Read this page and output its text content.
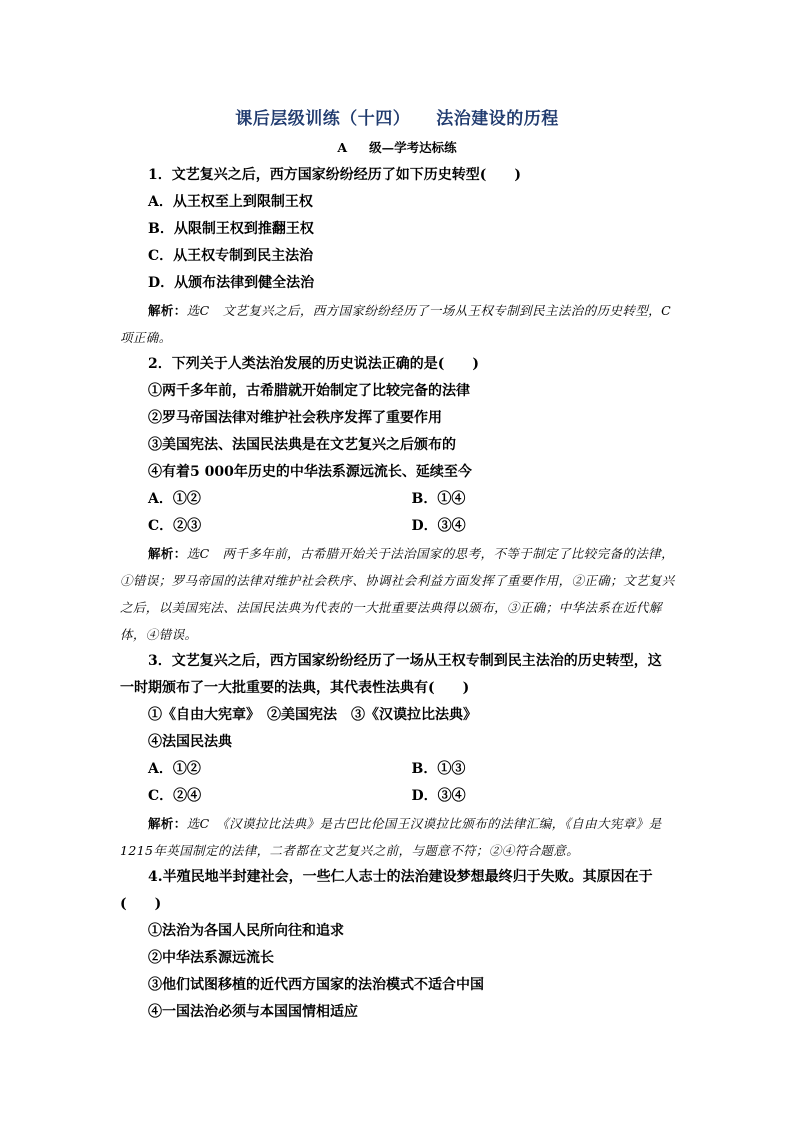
课后层级训练（十四） 法治建设的历程
A 级—学考达标练

1．文艺复兴之后，西方国家纷纷经历了如下历史转型(　　)

A．从王权至上到限制王权

B．从限制王权到推翻王权

C．从王权专制到民主法治

D．从颁布法律到健全法治

解析：选C　文艺复兴之后，西方国家纷纷经历了一场从王权专制到民主法治的历史转型，C项正确。

2．下列关于人类法治发展的历史说法正确的是(　　)

①两千多年前，古希腊就开始制定了比较完备的法律

②罗马帝国法律对维护社会秩序发挥了重要作用

③美国宪法、法国民法典是在文艺复兴之后颁布的

④有着5 000年历史的中华法系源远流长、延续至今

A．①②	B．①④
C．②③	D．③④

解析：选C　两千多年前，古希腊开始关于法治国家的思考，不等于制定了比较完备的法律，①错误；罗马帝国的法律对维护社会秩序、协调社会利益方面发挥了重要作用，②正确；文艺复兴之后，以美国宪法、法国民法典为代表的一大批重要法典得以颁布，③正确；中华法系在近代解体，④错误。

3．文艺复兴之后，西方国家纷纷经历了一场从王权专制到民主法治的历史转型，这一时期颁布了一大批重要的法典，其代表性法典有(　　)

①《自由大宪章》　②美国宪法　③《汉谟拉比法典》

④法国民法典

A．①②	B．①③
C．②④	D．③④

解析：选C　《汉谟拉比法典》是古巴比伦国王汉谟拉比颁布的法律汇编，《自由大宪章》是1215年英国制定的法律，二者都在文艺复兴之前，与题意不符；②④符合题意。

4.半殖民地半封建社会，一些仁人志士的法治建设梦想最终归于失败。其原因在于(　　)

①法治为各国人民所向往和追求

②中华法系源远流长

③他们试图移植的近代西方国家的法治模式不适合中国

④一国法治必须与本国国情相适应
